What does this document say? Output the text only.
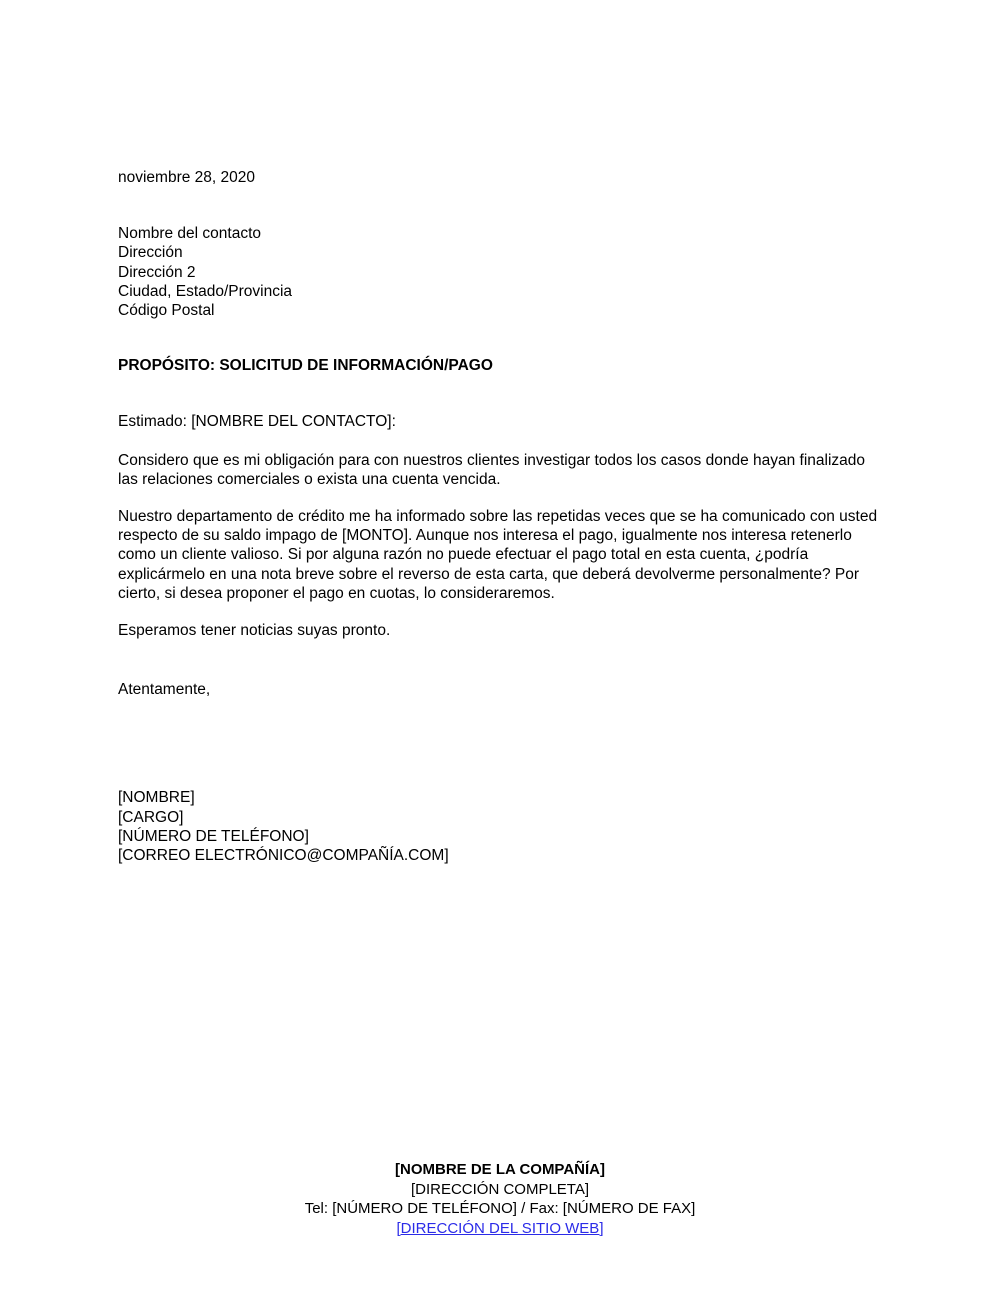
noviembre 28, 2020
Nombre del contacto
Dirección
Dirección 2
Ciudad, Estado/Provincia
Código Postal
PROPÓSITO: SOLICITUD DE INFORMACIÓN/PAGO
Estimado: [NOMBRE DEL CONTACTO]:

Considero que es mi obligación para con nuestros clientes investigar todos los casos donde hayan finalizado las relaciones comerciales o exista una cuenta vencida.

Nuestro departamento de crédito me ha informado sobre las repetidas veces que se ha comunicado con usted respecto de su saldo impago de [MONTO]. Aunque nos interesa el pago, igualmente nos interesa retenerlo como un cliente valioso. Si por alguna razón no puede efectuar el pago total en esta cuenta, ¿podría explicármelo en una nota breve sobre el reverso de esta carta, que deberá devolverme personalmente? Por cierto, si desea proponer el pago en cuotas, lo consideraremos.

Esperamos tener noticias suyas pronto.

Atentamente,
[NOMBRE]
[CARGO]
[NÚMERO DE TELÉFONO]
[CORREO ELECTRÓNICO@COMPAÑÍA.COM]
[NOMBRE DE LA COMPAÑÍA]
[DIRECCIÓN COMPLETA]
Tel: [NÚMERO DE TELÉFONO] / Fax: [NÚMERO DE FAX]
[DIRECCIÓN DEL SITIO WEB]
